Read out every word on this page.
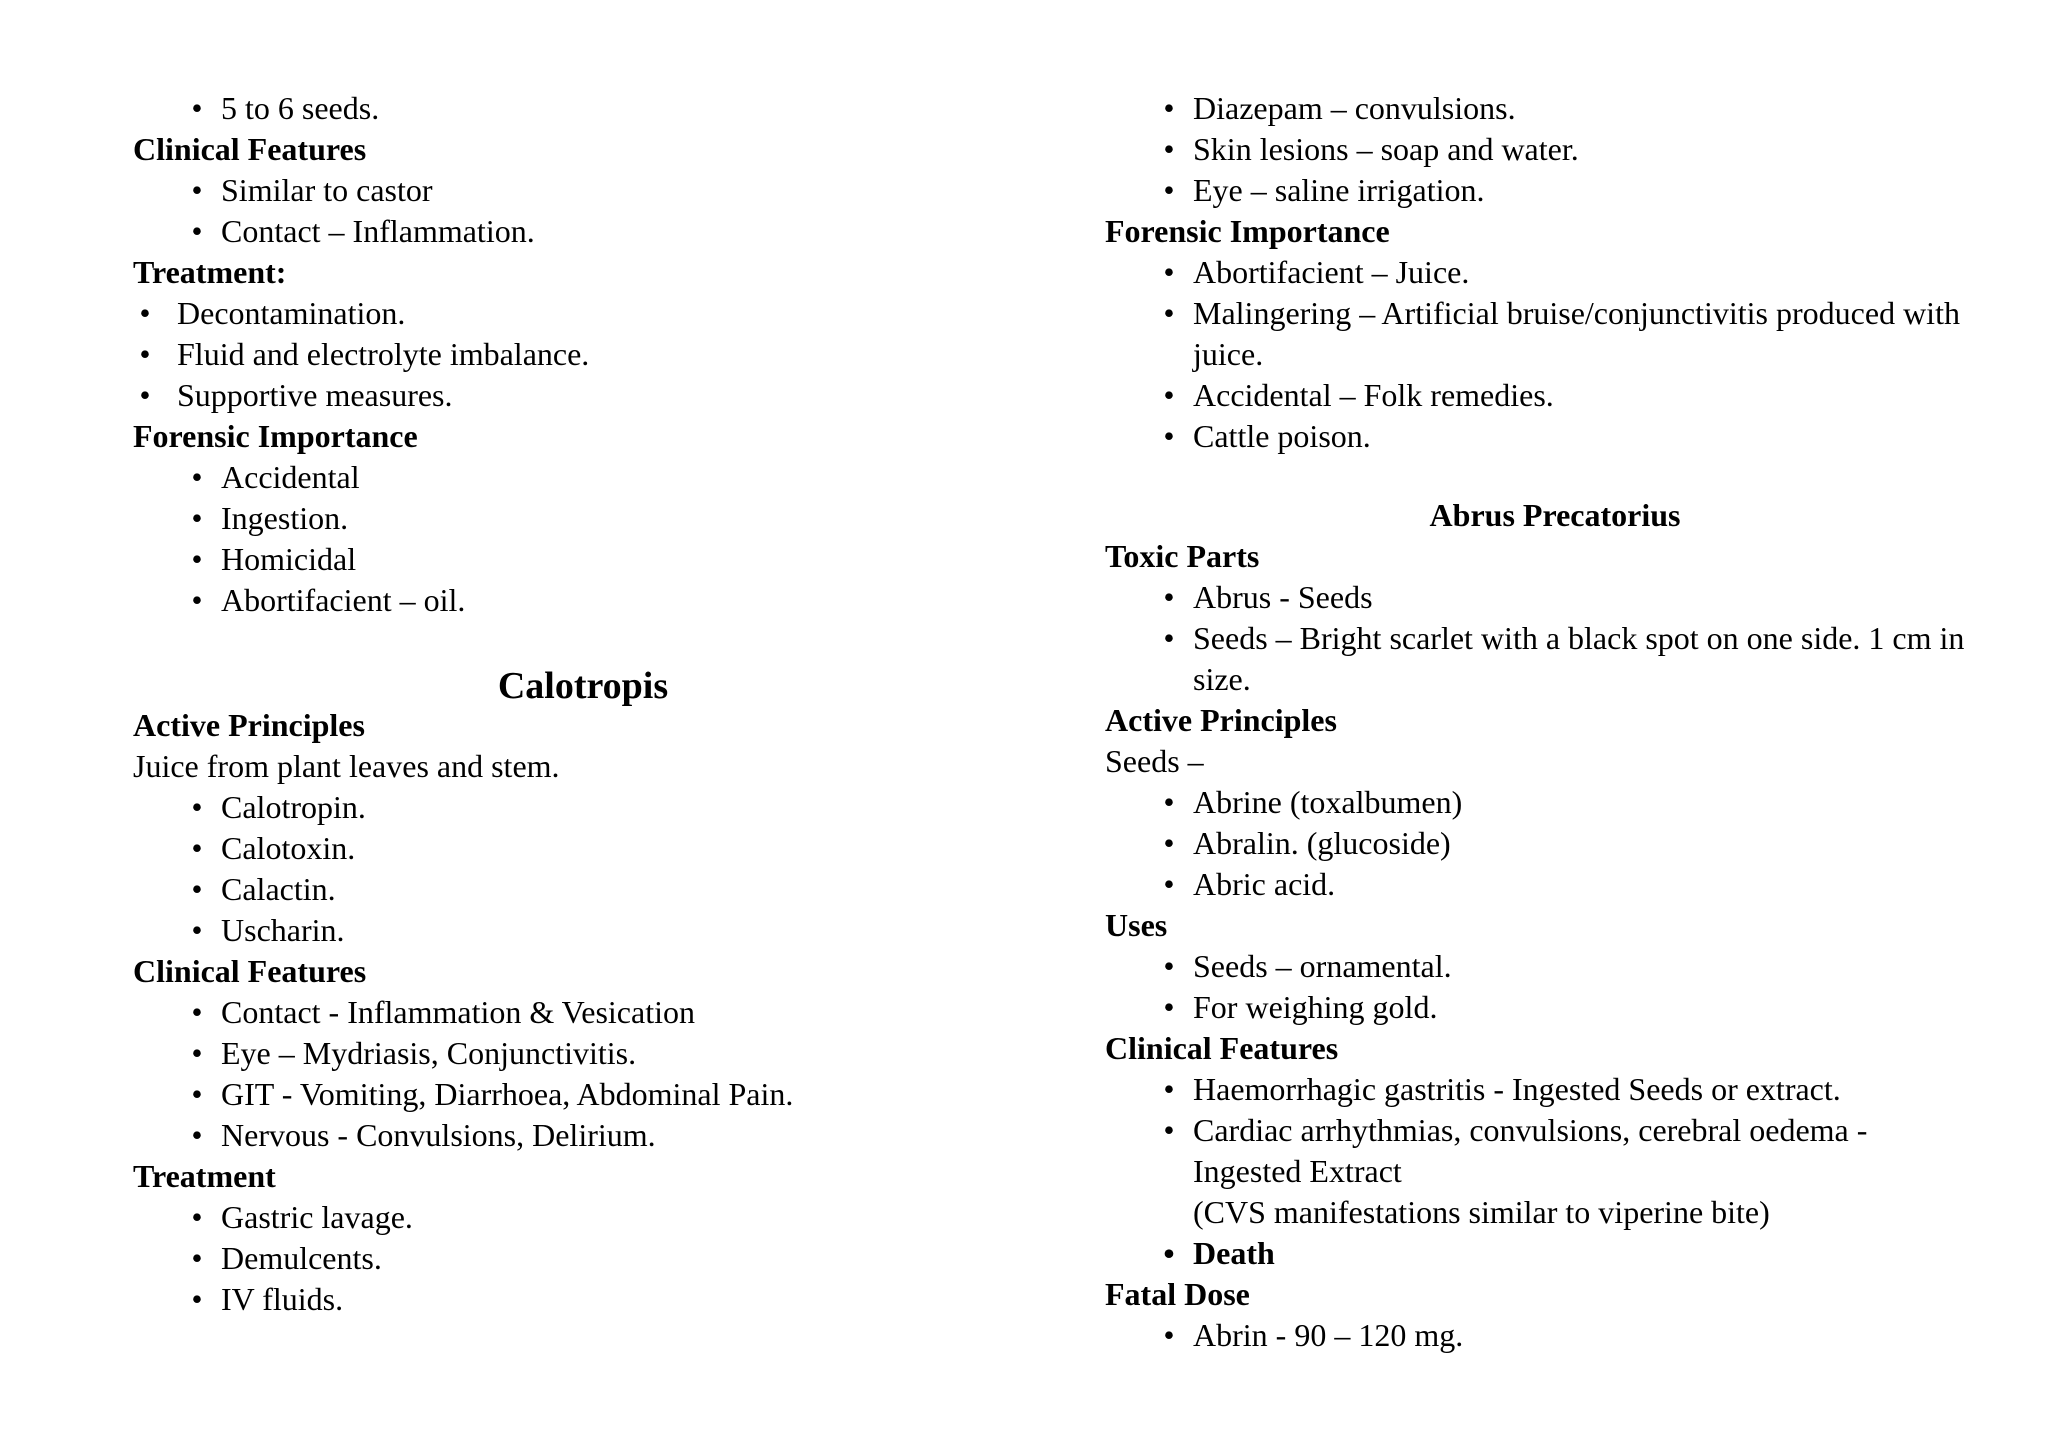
• 5 to 6 seeds.
Clinical Features
• Similar to castor
• Contact – Inflammation.
Treatment:
• Decontamination.
• Fluid and electrolyte imbalance.
• Supportive measures.
Forensic Importance
• Accidental
• Ingestion.
• Homicidal
• Abortifacient – oil.
Calotropis
Active Principles
Juice from plant leaves and stem.
• Calotropin.
• Calotoxin.
• Calactin.
• Uscharin.
Clinical Features
• Contact - Inflammation & Vesication
• Eye – Mydriasis, Conjunctivitis.
• GIT - Vomiting, Diarrhoea, Abdominal Pain.
• Nervous - Convulsions, Delirium.
Treatment
• Gastric lavage.
• Demulcents.
• IV fluids.
• Diazepam – convulsions.
• Skin lesions – soap and water.
• Eye – saline irrigation.
Forensic Importance
• Abortifacient – Juice.
• Malingering – Artificial bruise/conjunctivitis produced with juice.
• Accidental – Folk remedies.
• Cattle poison.
Abrus Precatorius
Toxic Parts
• Abrus - Seeds
• Seeds – Bright scarlet with a black spot on one side. 1 cm in size.
Active Principles
Seeds –
• Abrine (toxalbumen)
• Abralin. (glucoside)
• Abric acid.
Uses
• Seeds – ornamental.
• For weighing gold.
Clinical Features
• Haemorrhagic gastritis - Ingested Seeds or extract.
• Cardiac arrhythmias, convulsions, cerebral oedema -
Ingested Extract
(CVS manifestations similar to viperine bite)
• Death
Fatal Dose
• Abrin - 90 – 120 mg.
